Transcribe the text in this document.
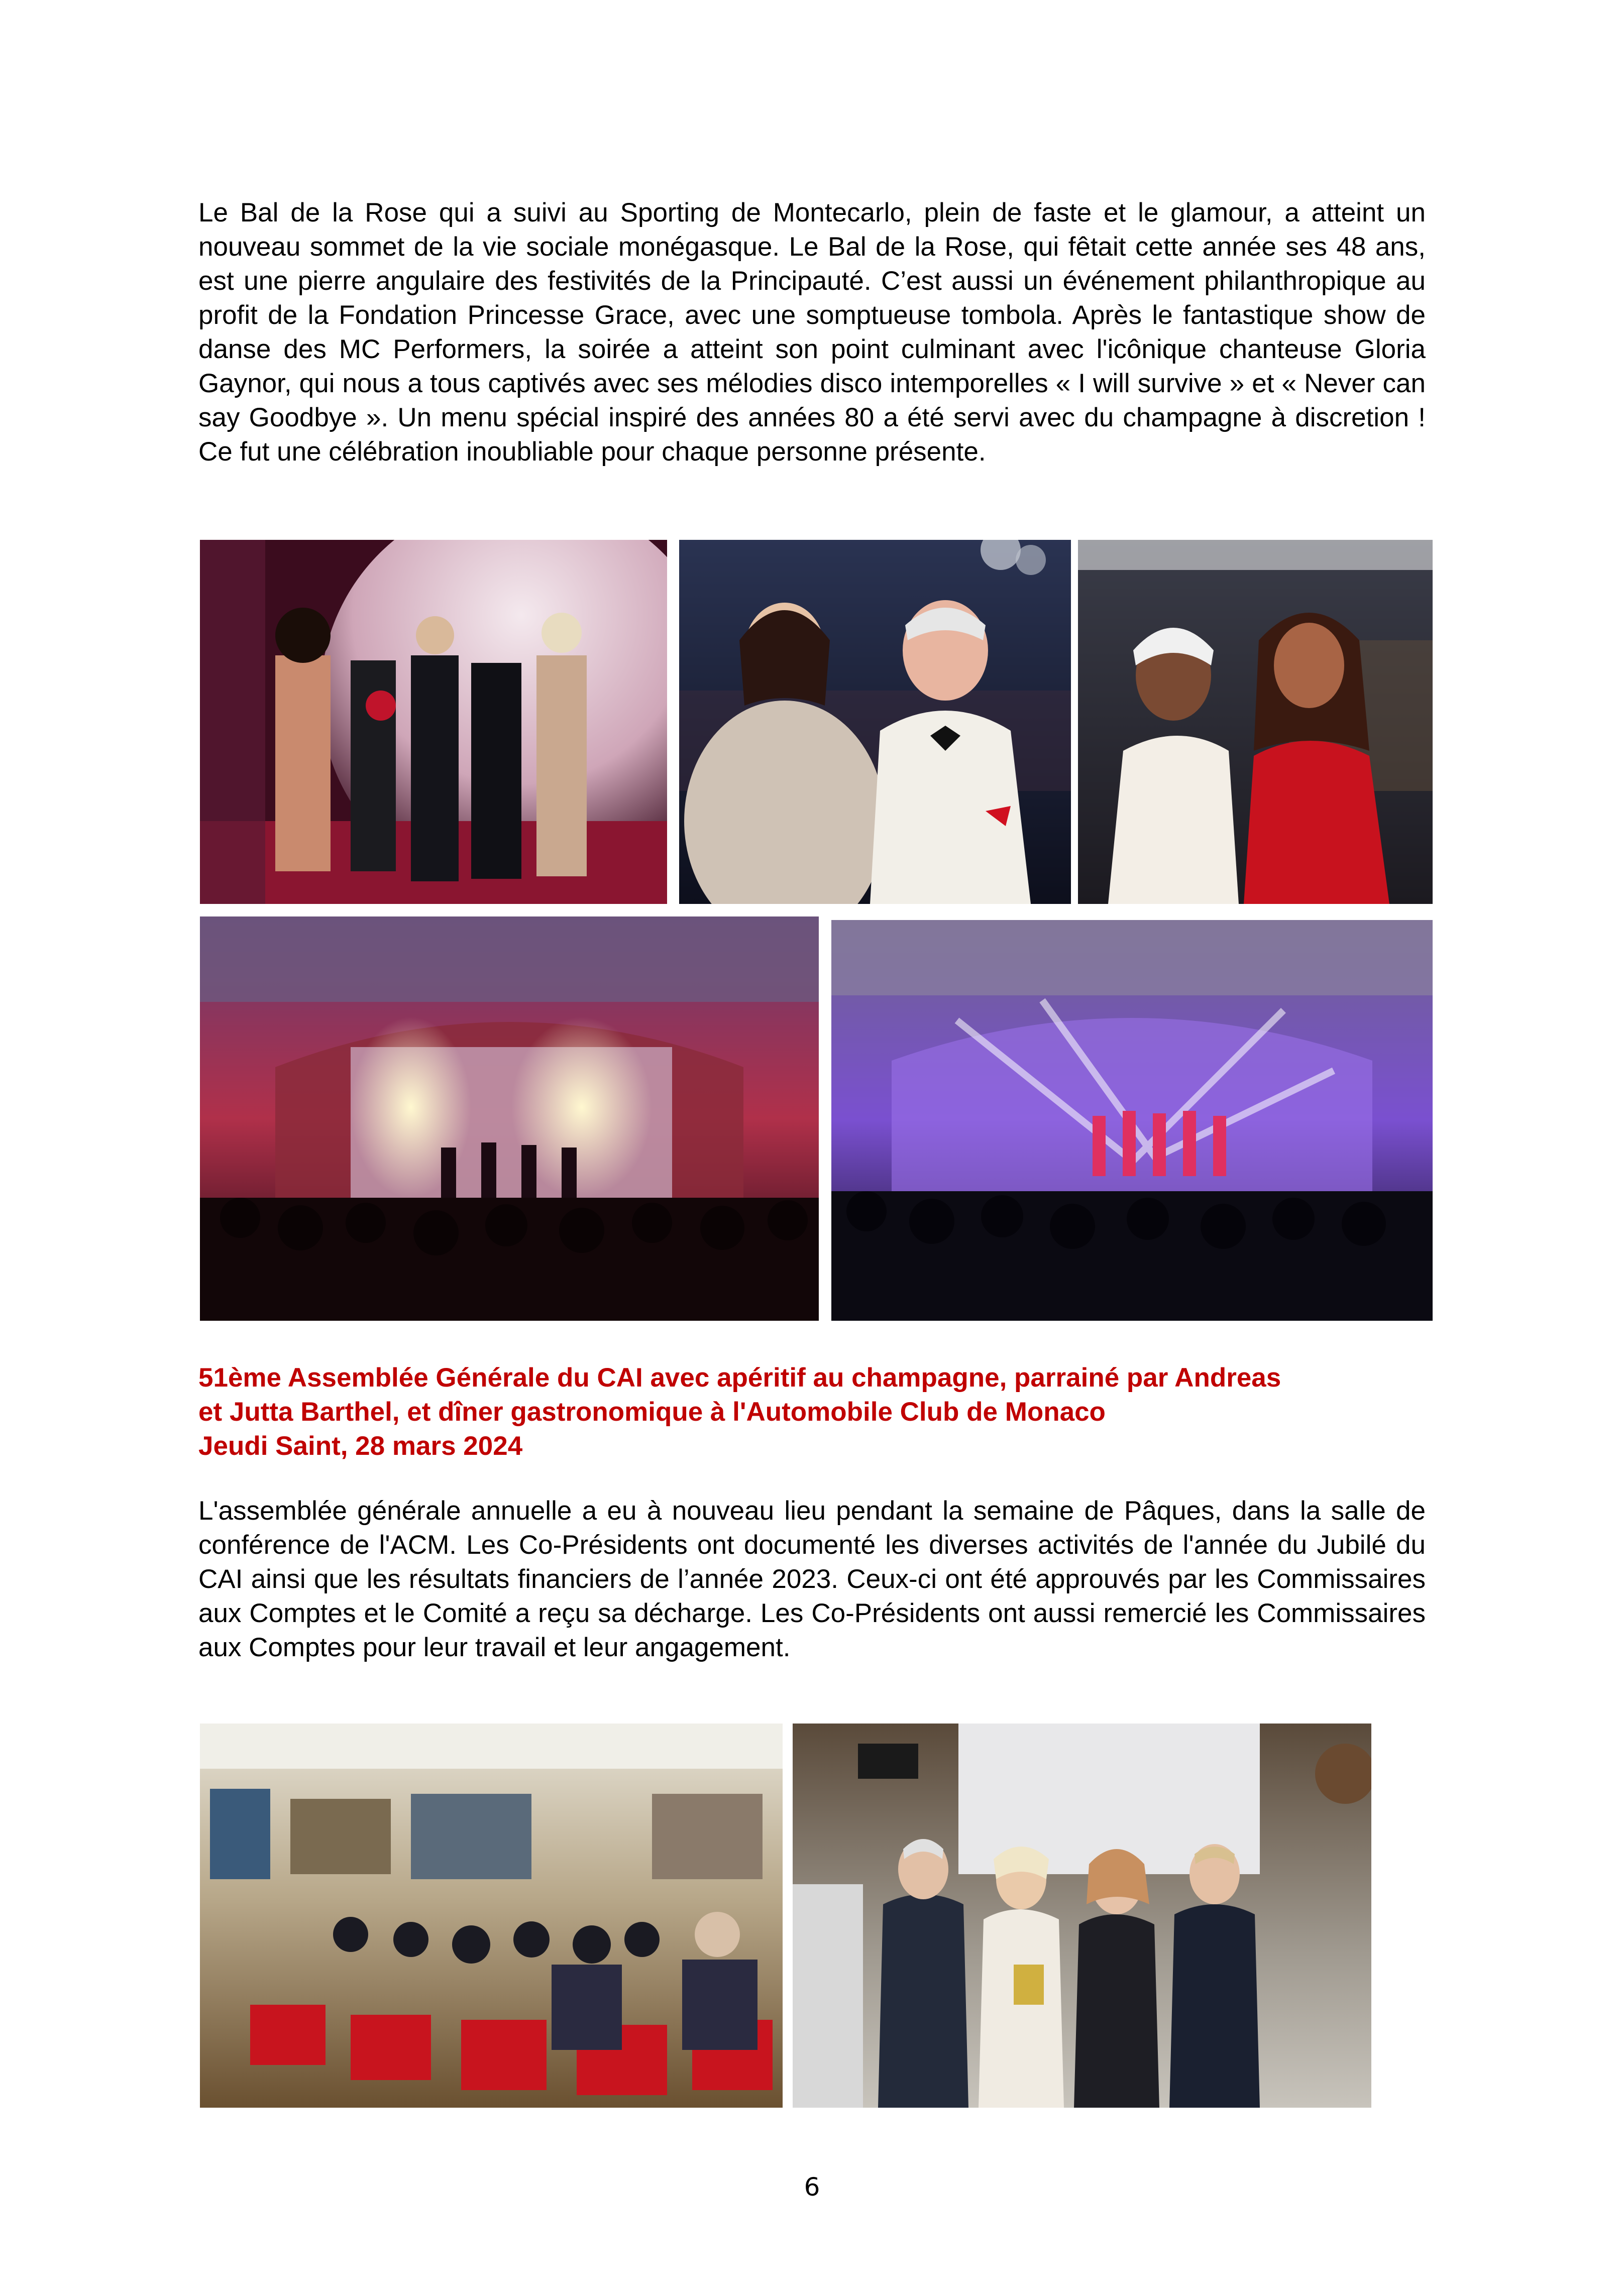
Le Bal de la Rose qui a suivi au Sporting de Montecarlo, plein de faste et le glamour, a atteint un nouveau sommet de la vie sociale monégasque. Le Bal de la Rose, qui fêtait cette année ses 48 ans, est une pierre angulaire des festivités de la Principauté. C’est aussi un événement philanthropique au profit de la Fondation Princesse Grace, avec une somptueuse tombola. Après le fantastique show de danse des MC Performers, la soirée a atteint son point culminant avec l'icônique chanteuse Gloria Gaynor, qui nous a tous captivés avec ses mélodies disco intemporelles « I will survive » et « Never can say Goodbye ». Un menu spécial inspiré des années 80 a été servi avec du champagne à discretion ! Ce fut une célébration inoubliable pour chaque personne présente.

51ème Assemblée Générale du CAI avec apéritif au champagne, parrainé par Andreas
et Jutta Barthel, et dîner gastronomique à l'Automobile Club de Monaco
Jeudi Saint, 28 mars 2024

L'assemblée générale annuelle a eu à nouveau lieu pendant la semaine de Pâques, dans la salle de conférence de l'ACM. Les Co-Présidents ont documenté les diverses activités de l'année du Jubilé du CAI ainsi que les résultats financiers de l’année 2023. Ceux-ci ont été approuvés par les Commissaires aux Comptes et le Comité a reçu sa décharge. Les Co-Présidents ont aussi remercié les Commissaires aux Comptes pour leur travail et leur angagement.

6
